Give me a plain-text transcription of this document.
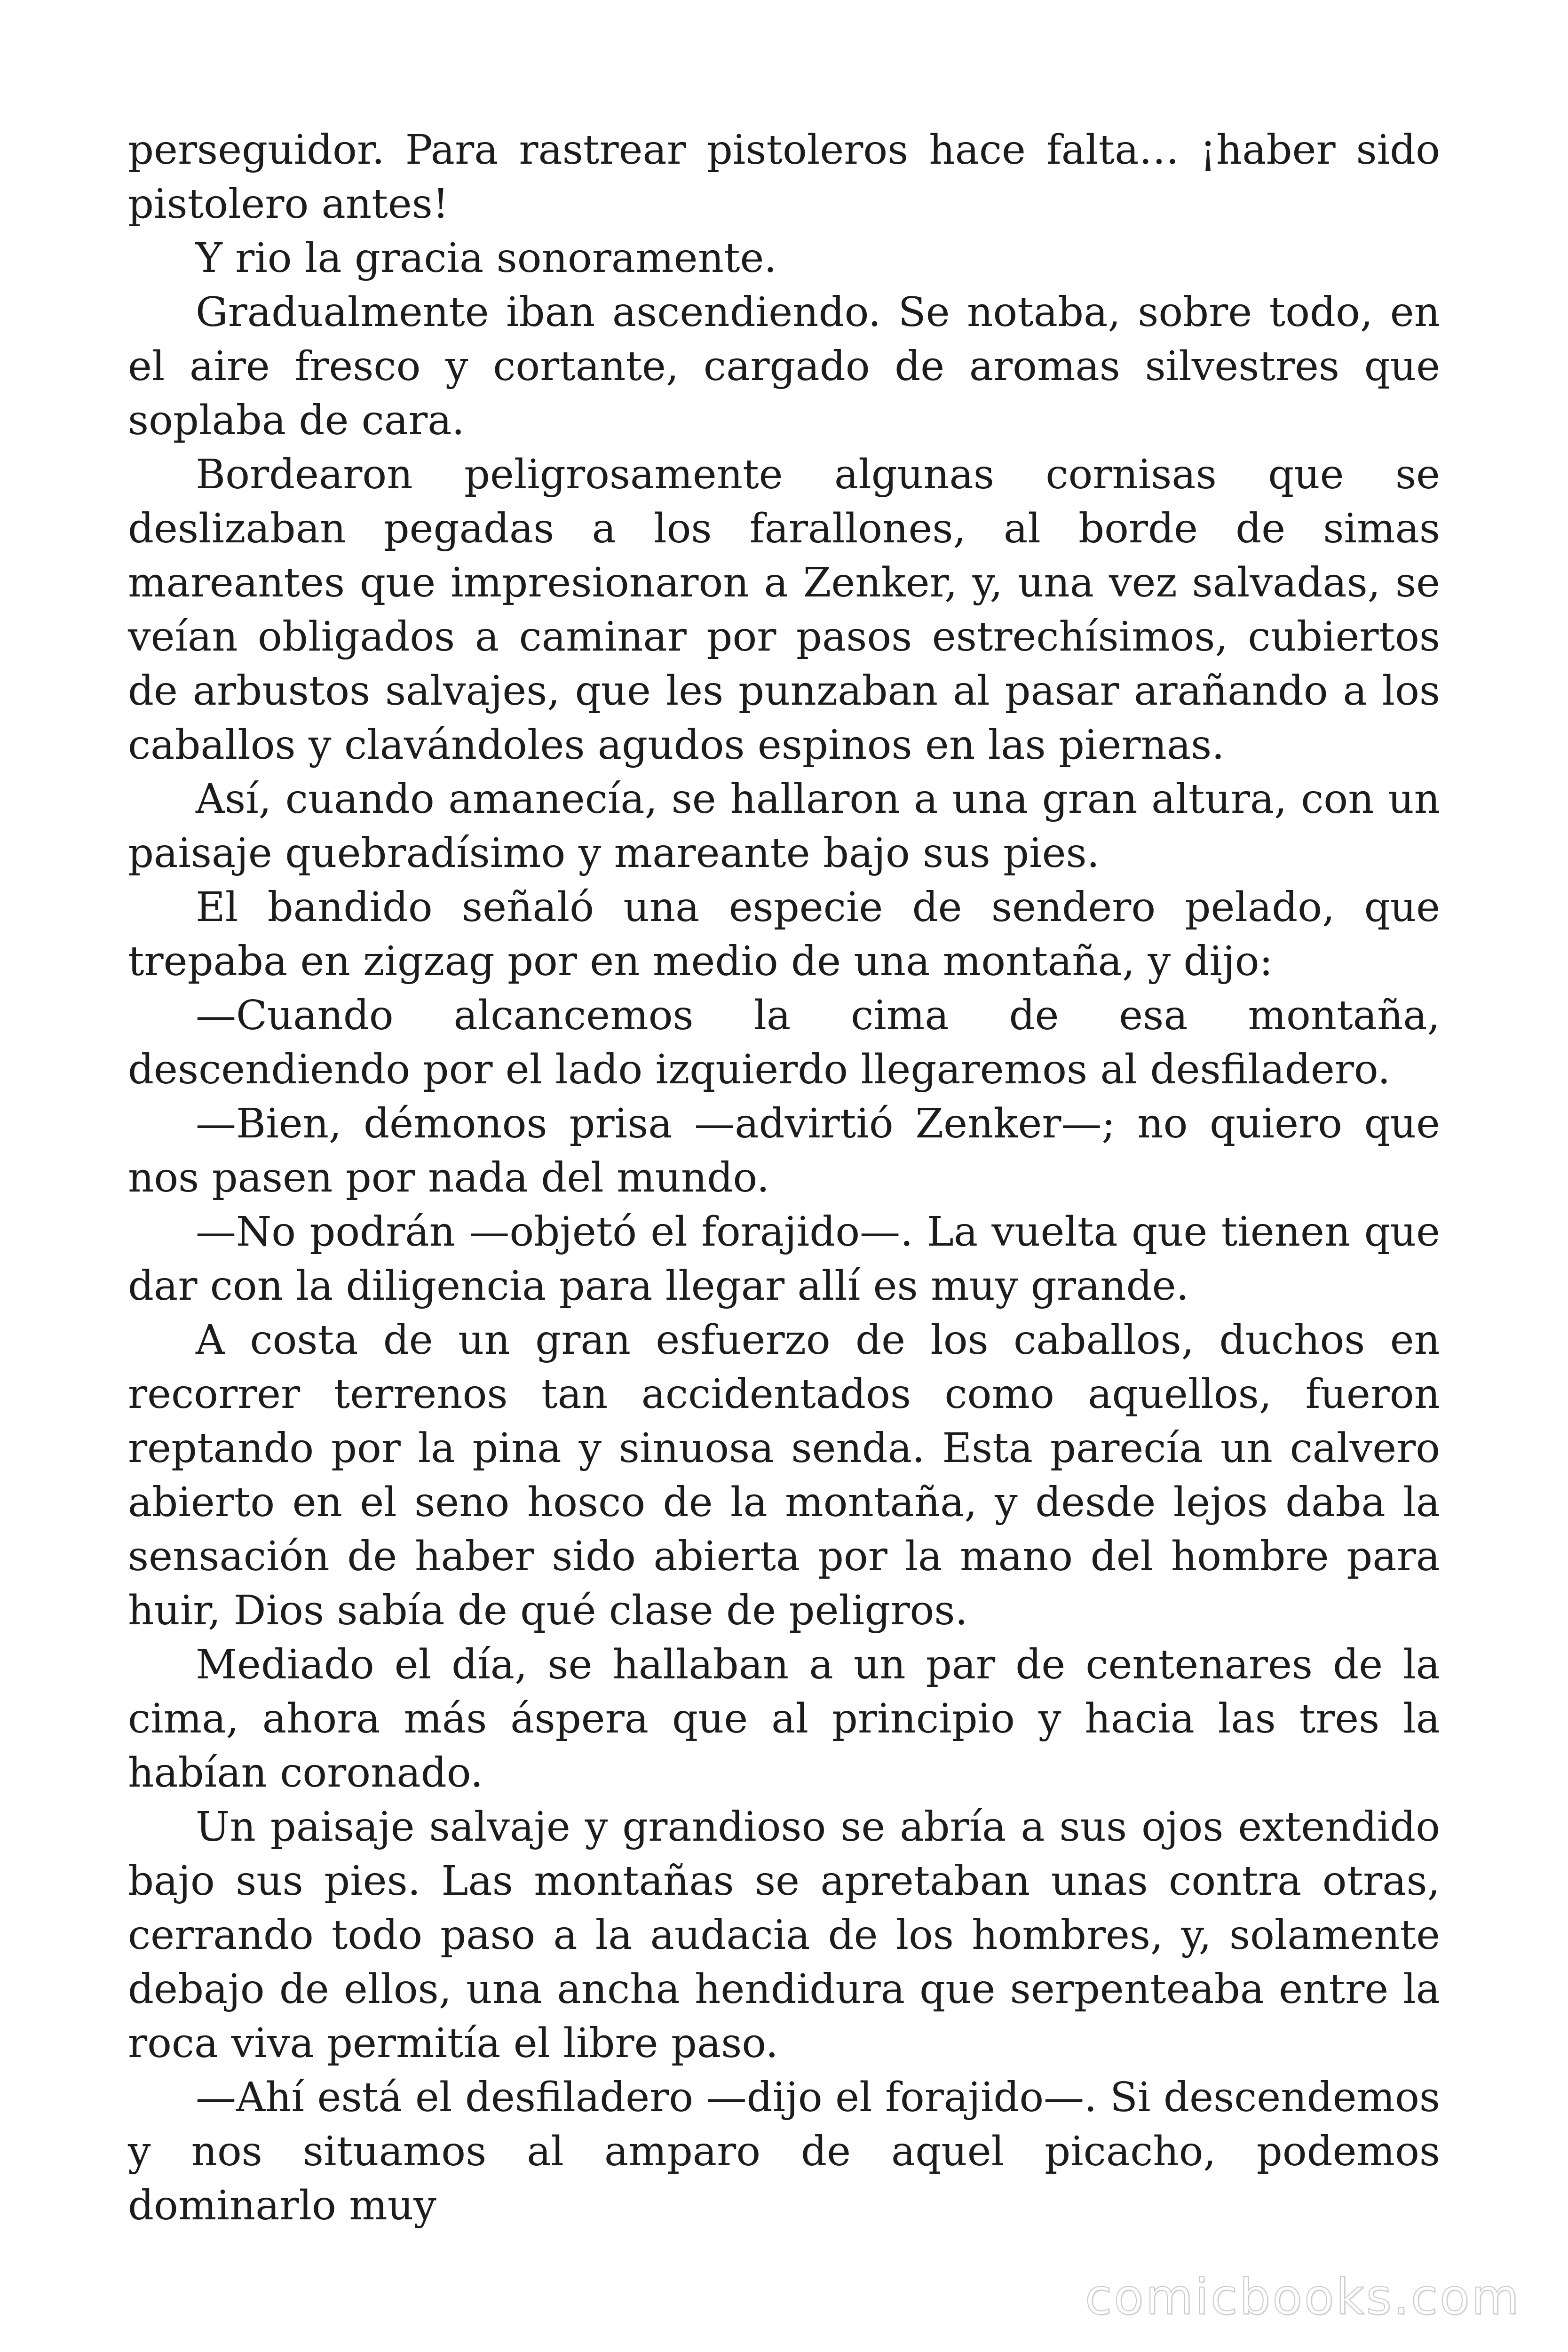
perseguidor. Para rastrear pistoleros hace falta… ¡haber sido pistolero antes!

Y rio la gracia sonoramente.

Gradualmente iban ascendiendo. Se notaba, sobre todo, en el aire fresco y cortante, cargado de aromas silvestres que soplaba de cara.

Bordearon peligrosamente algunas cornisas que se deslizaban pegadas a los farallones, al borde de simas mareantes que impresionaron a Zenker, y, una vez salvadas, se veían obligados a caminar por pasos estrechísimos, cubiertos de arbustos salvajes, que les punzaban al pasar arañando a los caballos y clavándoles agudos espinos en las piernas.

Así, cuando amanecía, se hallaron a una gran altura, con un paisaje quebradísimo y mareante bajo sus pies.

El bandido señaló una especie de sendero pelado, que trepaba en zigzag por en medio de una montaña, y dijo:

—Cuando alcancemos la cima de esa montaña, descendiendo por el lado izquierdo llegaremos al desfiladero.

—Bien, démonos prisa —advirtió Zenker—; no quiero que nos pasen por nada del mundo.

—No podrán —objetó el forajido—. La vuelta que tienen que dar con la diligencia para llegar allí es muy grande.

A costa de un gran esfuerzo de los caballos, duchos en recorrer terrenos tan accidentados como aquellos, fueron reptando por la pina y sinuosa senda. Esta parecía un calvero abierto en el seno hosco de la montaña, y desde lejos daba la sensación de haber sido abierta por la mano del hombre para huir, Dios sabía de qué clase de peligros.

Mediado el día, se hallaban a un par de centenares de la cima, ahora más áspera que al principio y hacia las tres la habían coronado.

Un paisaje salvaje y grandioso se abría a sus ojos extendido bajo sus pies. Las montañas se apretaban unas contra otras, cerrando todo paso a la audacia de los hombres, y, solamente debajo de ellos, una ancha hendidura que serpenteaba entre la roca viva permitía el libre paso.

—Ahí está el desfiladero —dijo el forajido—. Si descendemos y nos situamos al amparo de aquel picacho, podemos dominarlo muy

comicbooks.com
